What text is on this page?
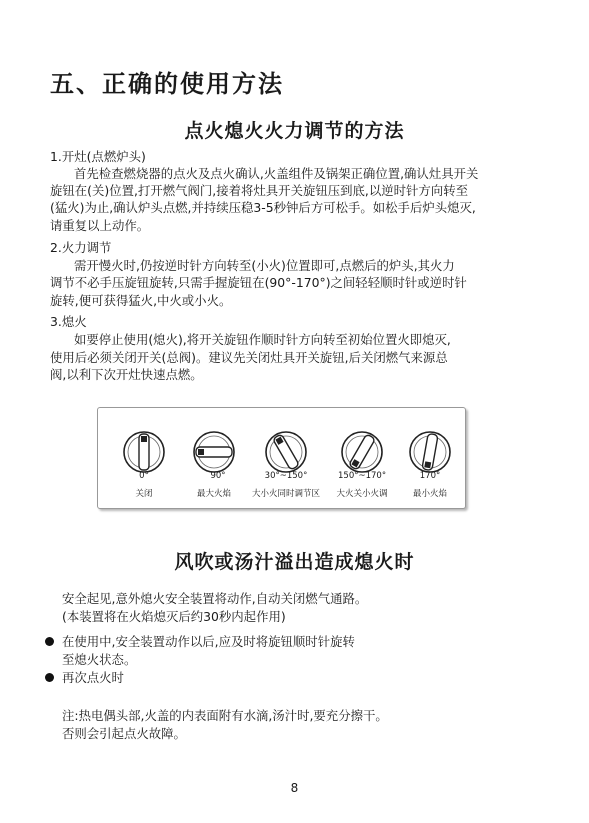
五、正确的使用方法
点火熄火火力调节的方法
1.开灶(点燃炉头)
首先检查燃烧器的点火及点火确认,火盖组件及锅架正确位置,确认灶具开关
旋钮在(关)位置,打开燃气阀门,接着将灶具开关旋钮压到底,以逆时针方向转至
(猛火)为止,确认炉头点燃,并持续压稳3-5秒钟后方可松手。如松手后炉头熄灭,
请重复以上动作。
2.火力调节
需开慢火时,仍按逆时针方向转至(小火)位置即可,点燃后的炉头,其火力
调节不必手压旋钮旋转,只需手握旋钮在(90°-170°)之间轻轻顺时针或逆时针
旋转,便可获得猛火,中火或小火。
3.熄火
如要停止使用(熄火),将开关旋钮作顺时针方向转至初始位置火即熄灭,
使用后必须关闭开关(总阀)。建议先关闭灶具开关旋钮,后关闭燃气来源总
阀,以利下次开灶快速点燃。
0°	90°	30°~150°	150°~170°	170°
关闭	最大火焰	大小火同时调节区	大火关小火调	最小火焰
风吹或汤汁溢出造成熄火时
安全起见,意外熄火安全装置将动作,自动关闭燃气通路。
(本装置将在火焰熄灭后约30秒内起作用)
在使用中,安全装置动作以后,应及时将旋钮顺时针旋转
至熄火状态。
再次点火时
注:热电偶头部,火盖的内表面附有水滴,汤汁时,要充分擦干。
否则会引起点火故障。
8
